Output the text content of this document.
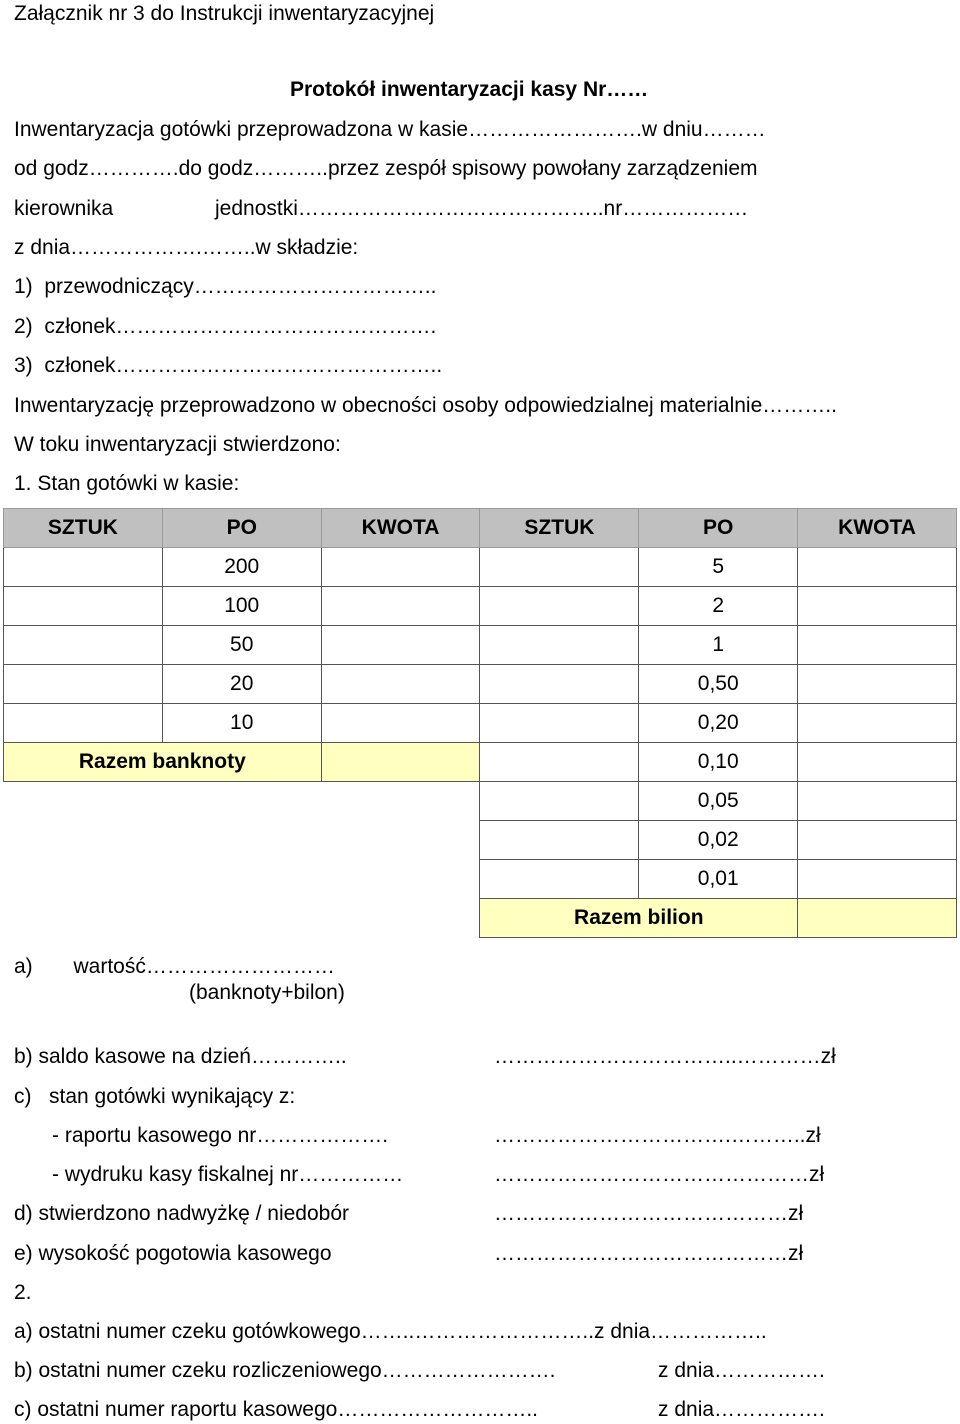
Załącznik nr 3 do Instrukcji inwentaryzacyjnej
Protokół inwentaryzacji kasy Nr……
Inwentaryzacja gotówki przeprowadzona w kasie…………………….w dniu………
od godz………….do godz………..przez zespół spisowy powołany zarządzeniem
kierownika	jednostki……………………………………..nr………………
z dnia……………….……..w składzie:
1)  przewodniczący……………………………..
2)  członek……………………………………….
3)  członek………………………………………..
Inwentaryzację przeprowadzono w obecności osoby odpowiedzialnej materialnie………..
W toku inwentaryzacji stwierdzono:
1. Stan gotówki w kasie:
SZTUK	PO	KWOTA	SZTUK	PO	KWOTA
	200			5	
	100			2	
	50			1	
	20			0,50	
	10			0,20	
Razem banknoty				0,10	
				0,05	
				0,02	
				0,01	
			Razem bilion		
a)       wartość………………………
(banknoty+bilon)
b) saldo kasowe na dzień…………..	……………………………..…………zł
c)   stan gotówki wynikający z:
- raportu kasowego nr……………….	…………………………….………..zł
- wydruku kasy fiskalnej nr……………	………………………………………zł
d) stwierdzono nadwyżkę / niedobór	……………………………………zł
e) wysokość pogotowia kasowego	……………………………………zł
2.
a) ostatni numer czeku gotówkowego……..……………………..z dnia……………..
b) ostatni numer czeku rozliczeniowego…………………….	z dnia…………….
c) ostatni numer raportu kasowego………………………..	z dnia…………….
